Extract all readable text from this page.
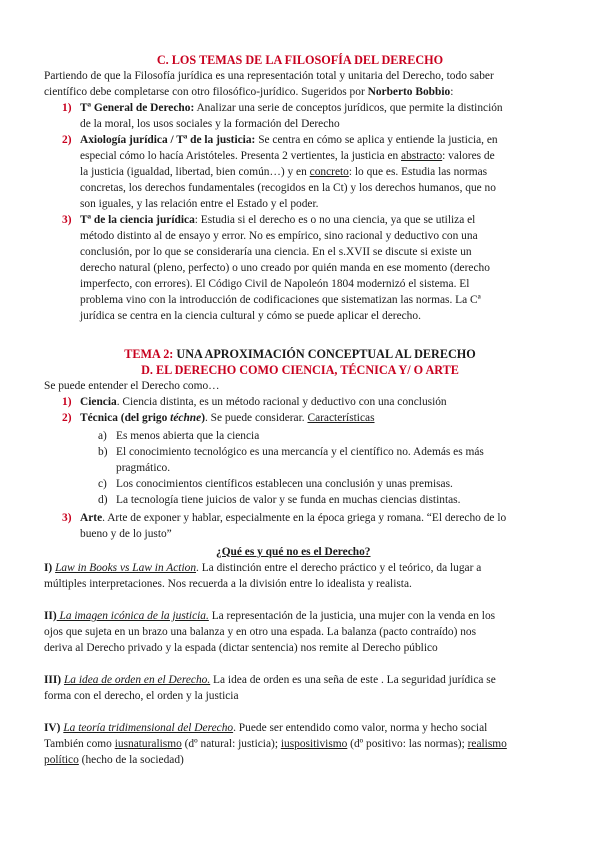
C. LOS TEMAS DE LA FILOSOFÍA DEL DERECHO
Partiendo de que la Filosofía jurídica es una representación total y unitaria del Derecho, todo saber
científico debe completarse con otro filosófico-jurídico. Sugeridos por Norberto Bobbio:
1) Tª General de Derecho: Analizar una serie de conceptos jurídicos, que permite la distinción
de la moral, los usos sociales y la formación del Derecho
2) Axiología jurídica / Tª de la justicia: Se centra en cómo se aplica y entiende la justicia, en
especial cómo lo hacía Aristóteles. Presenta 2 vertientes, la justicia en abstracto: valores de
la justicia (igualdad, libertad, bien común…) y en concreto: lo que es. Estudia las normas
concretas, los derechos fundamentales (recogidos en la Ct) y los derechos humanos, que no
son iguales, y las relación entre el Estado y el poder.
3) Tª de la ciencia jurídica: Estudia si el derecho es o no una ciencia, ya que se utiliza el
método distinto al de ensayo y error. No es empírico, sino racional y deductivo con una
conclusión, por lo que se consideraría una ciencia. En el s.XVII se discute si existe un
derecho natural (pleno, perfecto) o uno creado por quién manda en ese momento (derecho
imperfecto, con errores). El Código Civil de Napoleón 1804 modernizó el sistema. El
problema vino con la introducción de codificaciones que sistematizan las normas. La Cª
jurídica se centra en la ciencia cultural y cómo se puede aplicar el derecho.
TEMA 2: UNA APROXIMACIÓN CONCEPTUAL AL DERECHO
D. EL DERECHO COMO CIENCIA, TÉCNICA Y/ O ARTE
Se puede entender el Derecho como…
1) Ciencia. Ciencia distinta, es un método racional y deductivo con una conclusión
2) Técnica (del grigo téchne). Se puede considerar. Características
a) Es menos abierta que la ciencia
b) El conocimiento tecnológico es una mercancía y el científico no. Además es más
pragmático.
c) Los conocimientos científicos establecen una conclusión y unas premisas.
d) La tecnología tiene juicios de valor y se funda en muchas ciencias distintas.
3) Arte. Arte de exponer y hablar, especialmente en la época griega y romana. “El derecho de lo
bueno y de lo justo”
¿Qué es y qué no es el Derecho?
I) Law in Books vs Law in Action. La distinción entre el derecho práctico y el teórico, da lugar a
múltiples interpretaciones. Nos recuerda a la división entre lo idealista y realista.
II) La imagen icónica de la justicia. La representación de la justicia, una mujer con la venda en los
ojos que sujeta en un brazo una balanza y en otro una espada. La balanza (pacto contraído) nos
deriva al Derecho privado y la espada (dictar sentencia) nos remite al Derecho público
III) La idea de orden en el Derecho. La idea de orden es una seña de este . La seguridad jurídica se
forma con el derecho, el orden y la justicia
IV) La teoría tridimensional del Derecho. Puede ser entendido como valor, norma y hecho social
También como iusnaturalismo (dº natural: justicia); iuspositivismo (dº positivo: las normas); realismo
político (hecho de la sociedad)
